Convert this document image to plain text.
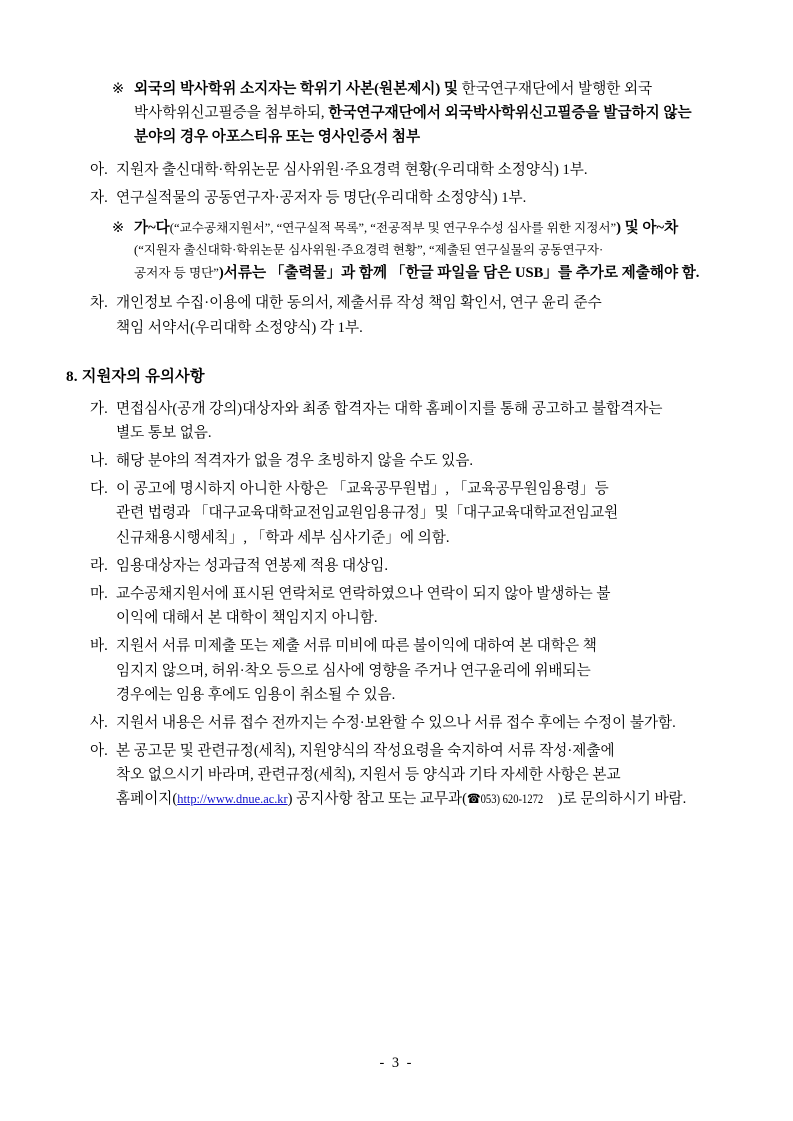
※ 외국의 박사학위 소지자는 학위기 사본(원본제시) 및 한국연구재단에서 발행한 외국
박사학위신고필증을 첨부하되, 한국연구재단에서 외국박사학위신고필증을 발급하지 않는
분야의 경우 아포스티유 또는 영사인증서 첨부
아. 지원자 출신대학·학위논문 심사위원·주요경력 현황(우리대학 소정양식) 1부.
자. 연구실적물의 공동연구자·공저자 등 명단(우리대학 소정양식) 1부.
※ 가~다(“교수공채지원서”, “연구실적 목록”, “전공적부 및 연구우수성 심사를 위한 지정서”) 및 아~차
(“지원자 출신대학·학위논문 심사위원·주요경력 현황”, “제출된 연구실물의 공동연구자·
공저자 등 명단”)서류는 「출력물」과 함께 「한글 파일을 담은 USB」를 추가로 제출해야 함.
차. 개인정보 수집·이용에 대한 동의서, 제출서류 작성 책임 확인서, 연구 윤리 준수
책임 서약서(우리대학 소정양식) 각 1부.
8. 지원자의 유의사항
가. 면접심사(공개 강의)대상자와 최종 합격자는 대학 홈페이지를 통해 공고하고 불합격자는
별도 통보 없음.
나. 해당 분야의 적격자가 없을 경우 초빙하지 않을 수도 있음.
다. 이 공고에 명시하지 아니한 사항은 「교육공무원법」, 「교육공무원임용령」등
관련 법령과 「대구교육대학교전임교원임용규정」및「대구교육대학교전임교원
신규채용시행세칙」, 「학과 세부 심사기준」에 의함.
라. 임용대상자는 성과급적 연봉제 적용 대상임.
마. 교수공채지원서에 표시된 연락처로 연락하였으나 연락이 되지 않아 발생하는 불
이익에 대해서 본 대학이 책임지지 아니함.
바. 지원서 서류 미제출 또는 제출 서류 미비에 따른 불이익에 대하여 본 대학은 책
임지지 않으며, 허위·착오 등으로 심사에 영향을 주거나 연구윤리에 위배되는
경우에는 임용 후에도 임용이 취소될 수 있음.
사. 지원서 내용은 서류 접수 전까지는 수정·보완할 수 있으나 서류 접수 후에는 수정이 불가함.
아. 본 공고문 및 관련규정(세칙), 지원양식의 작성요령을 숙지하여 서류 작성·제출에
착오 없으시기 바라며, 관련규정(세칙), 지원서 등 양식과 기타 자세한 사항은 본교
홈페이지(http://www.dnue.ac.kr) 공지사항 참고 또는 교무과(☎053) 620-1272 )로 문의하시기 바람.
- 3 -
